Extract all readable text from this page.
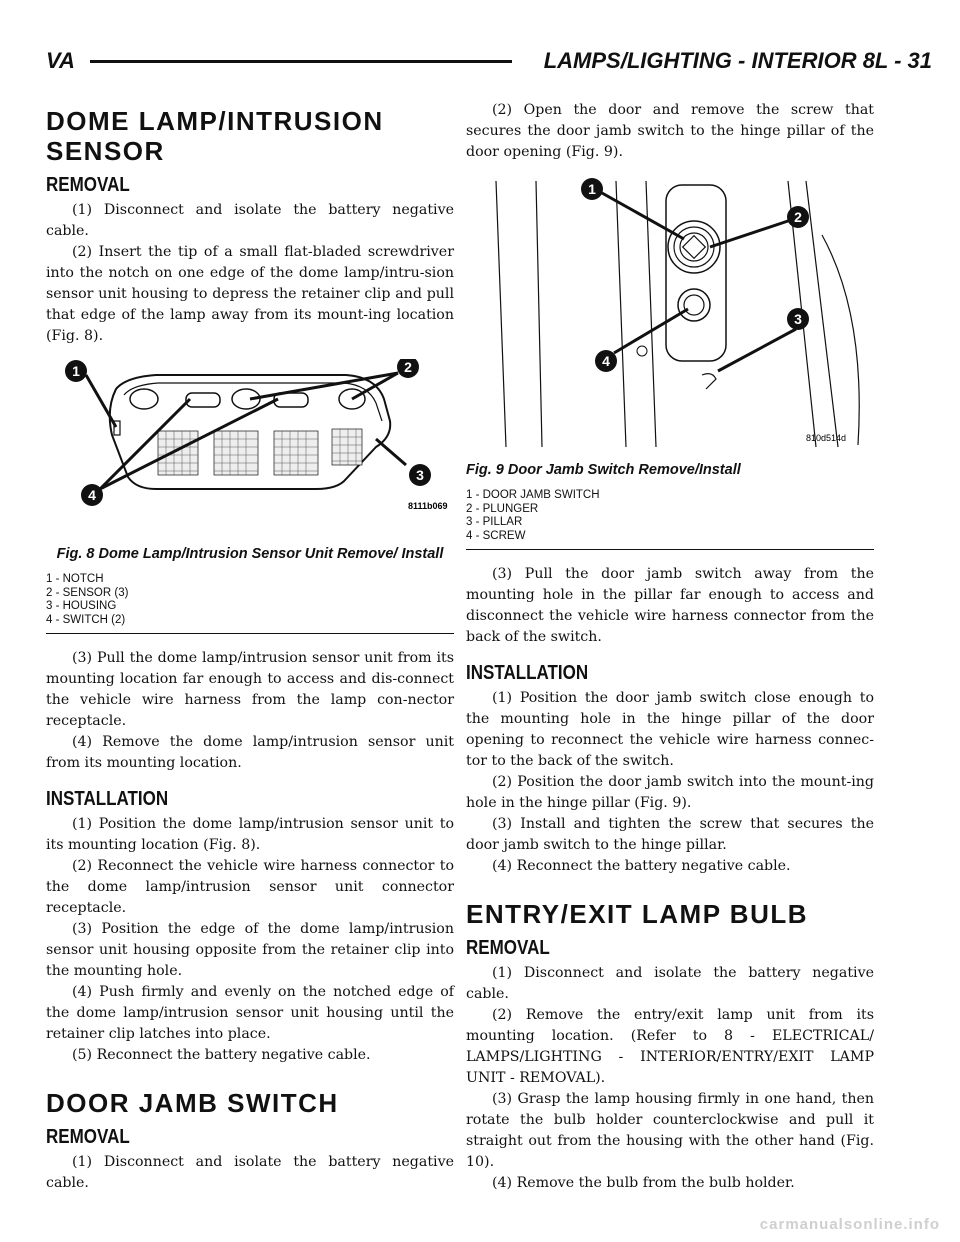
VA	LAMPS/LIGHTING - INTERIOR 8L - 31
DOME LAMP/INTRUSION SENSOR
REMOVAL

(1) Disconnect and isolate the battery negative cable.

(2) Insert the tip of a small flat-bladed screwdriver into the notch on one edge of the dome lamp/intru-sion sensor unit housing to depress the retainer clip and pull that edge of the lamp away from its mount-ing location (Fig. 8).

1	2
3
4
8111b069
Fig. 8 Dome Lamp/Intrusion Sensor Unit Remove/ Install
1 - NOTCH
2 - SENSOR (3)
3 - HOUSING
4 - SWITCH (2)

(3) Pull the dome lamp/intrusion sensor unit from its mounting location far enough to access and dis-connect the vehicle wire harness from the lamp con-nector receptacle.

(4) Remove the dome lamp/intrusion sensor unit from its mounting location.

INSTALLATION

(1) Position the dome lamp/intrusion sensor unit to its mounting location (Fig. 8).

(2) Reconnect the vehicle wire harness connector to the dome lamp/intrusion sensor unit connector receptacle.

(3) Position the edge of the dome lamp/intrusion sensor unit housing opposite from the retainer clip into the mounting hole.

(4) Push firmly and evenly on the notched edge of the dome lamp/intrusion sensor unit housing until the retainer clip latches into place.

(5) Reconnect the battery negative cable.

DOOR JAMB SWITCH
REMOVAL

(1) Disconnect and isolate the battery negative cable.

(2) Open the door and remove the screw that secures the door jamb switch to the hinge pillar of the door opening (Fig. 9).

1
2
3
4
810d514d
Fig. 9 Door Jamb Switch Remove/Install
1 - DOOR JAMB SWITCH
2 - PLUNGER
3 - PILLAR
4 - SCREW

(3) Pull the door jamb switch away from the mounting hole in the pillar far enough to access and disconnect the vehicle wire harness connector from the back of the switch.

INSTALLATION

(1) Position the door jamb switch close enough to the mounting hole in the hinge pillar of the door opening to reconnect the vehicle wire harness connec-tor to the back of the switch.

(2) Position the door jamb switch into the mount-ing hole in the hinge pillar (Fig. 9).

(3) Install and tighten the screw that secures the door jamb switch to the hinge pillar.

(4) Reconnect the battery negative cable.

ENTRY/EXIT LAMP BULB
REMOVAL

(1) Disconnect and isolate the battery negative cable.

(2) Remove the entry/exit lamp unit from its mounting location. (Refer to 8 - ELECTRICAL/ LAMPS/LIGHTING - INTERIOR/ENTRY/EXIT LAMP UNIT - REMOVAL).

(3) Grasp the lamp housing firmly in one hand, then rotate the bulb holder counterclockwise and pull it straight out from the housing with the other hand (Fig. 10).

(4) Remove the bulb from the bulb holder.

carmanualsonline.info
